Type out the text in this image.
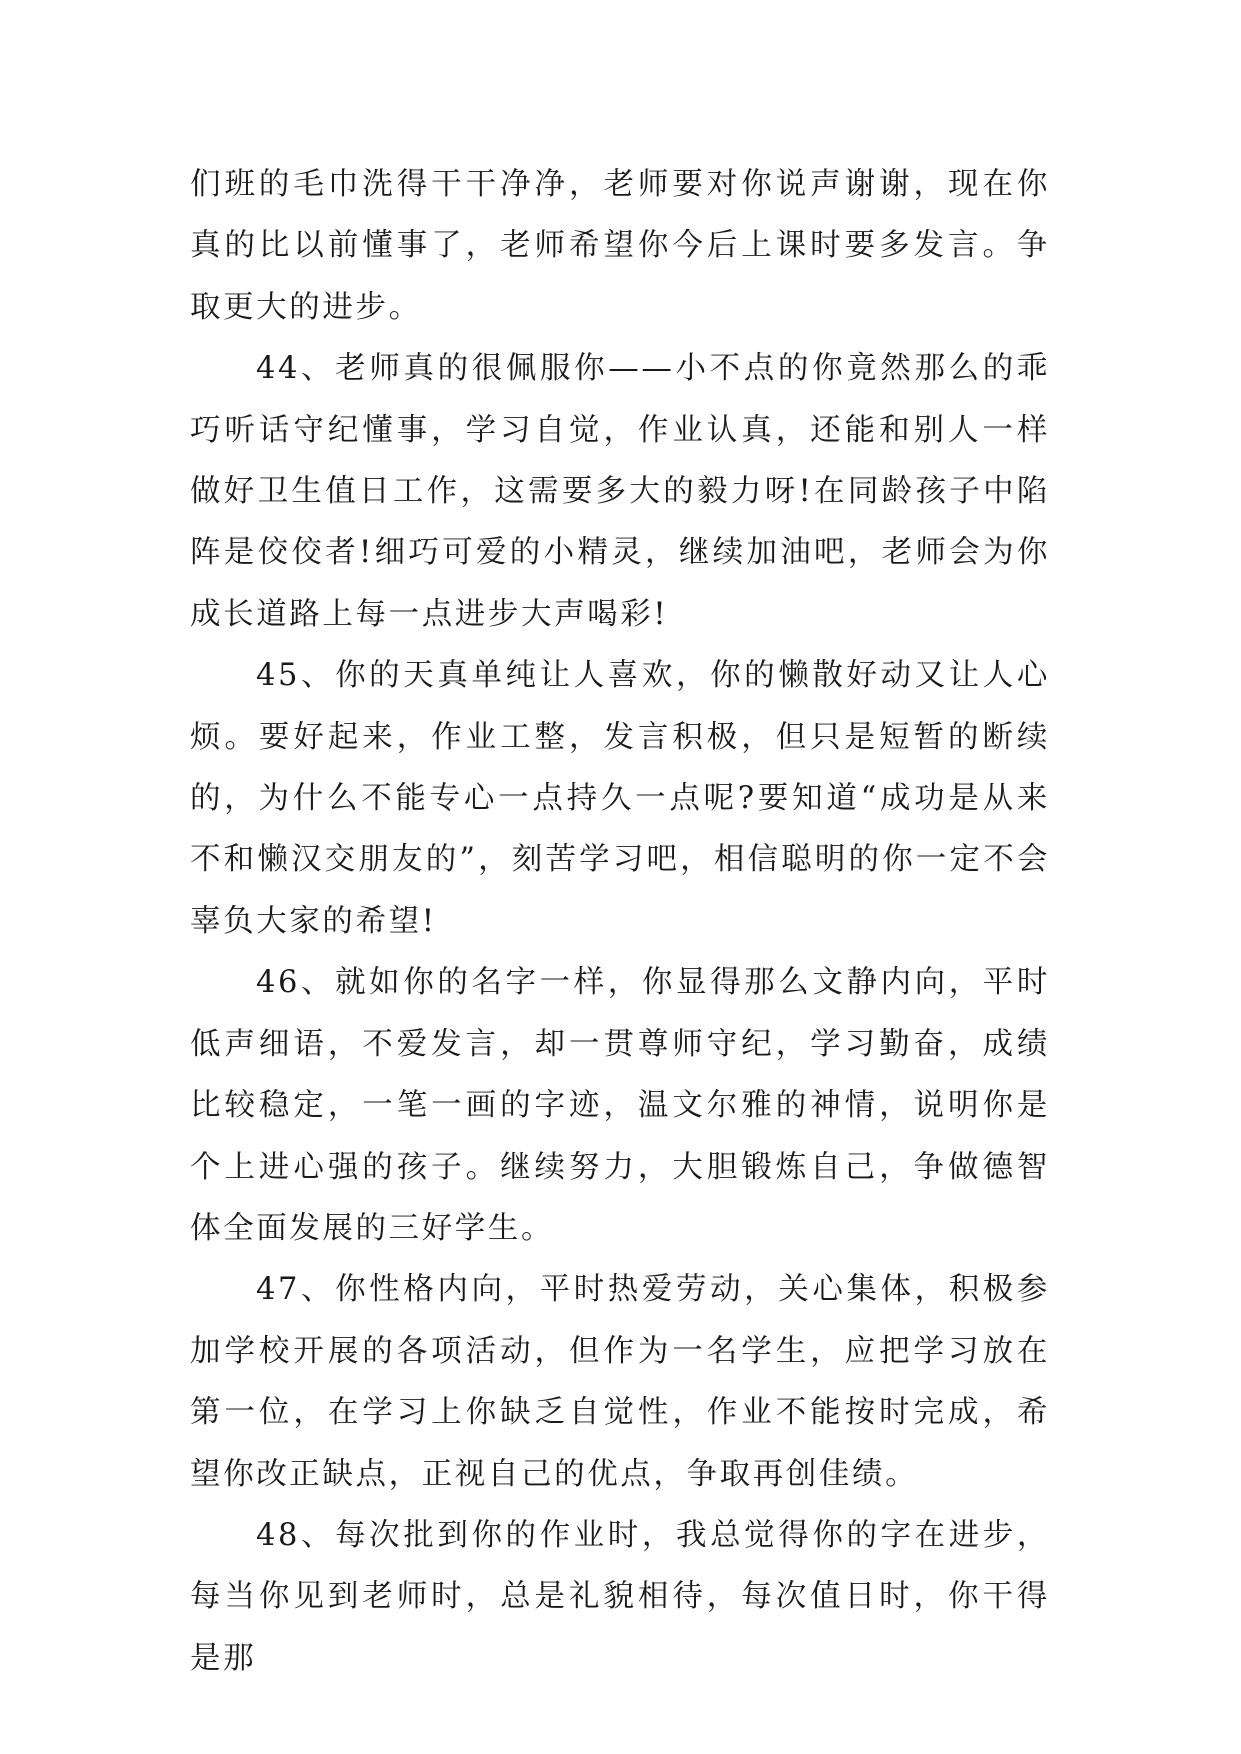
们班的毛巾洗得干干净净，老师要对你说声谢谢，现在你真的比以前懂事了，老师希望你今后上课时要多发言。争取更大的进步。

44、老师真的很佩服你——小不点的你竟然那么的乖巧听话守纪懂事，学习自觉，作业认真，还能和别人一样做好卫生值日工作，这需要多大的毅力呀!在同龄孩子中陷阵是佼佼者!细巧可爱的小精灵，继续加油吧，老师会为你成长道路上每一点进步大声喝彩!

45、你的天真单纯让人喜欢，你的懒散好动又让人心烦。要好起来，作业工整，发言积极，但只是短暂的断续的，为什么不能专心一点持久一点呢?要知道“成功是从来不和懒汉交朋友的”，刻苦学习吧，相信聪明的你一定不会辜负大家的希望!

46、就如你的名字一样，你显得那么文静内向，平时低声细语，不爱发言，却一贯尊师守纪，学习勤奋，成绩比较稳定，一笔一画的字迹，温文尔雅的神情，说明你是个上进心强的孩子。继续努力，大胆锻炼自己，争做德智体全面发展的三好学生。

47、你性格内向，平时热爱劳动，关心集体，积极参加学校开展的各项活动，但作为一名学生，应把学习放在第一位，在学习上你缺乏自觉性，作业不能按时完成，希望你改正缺点，正视自己的优点，争取再创佳绩。

48、每次批到你的作业时，我总觉得你的字在进步，每当你见到老师时，总是礼貌相待，每次值日时，你干得是那
